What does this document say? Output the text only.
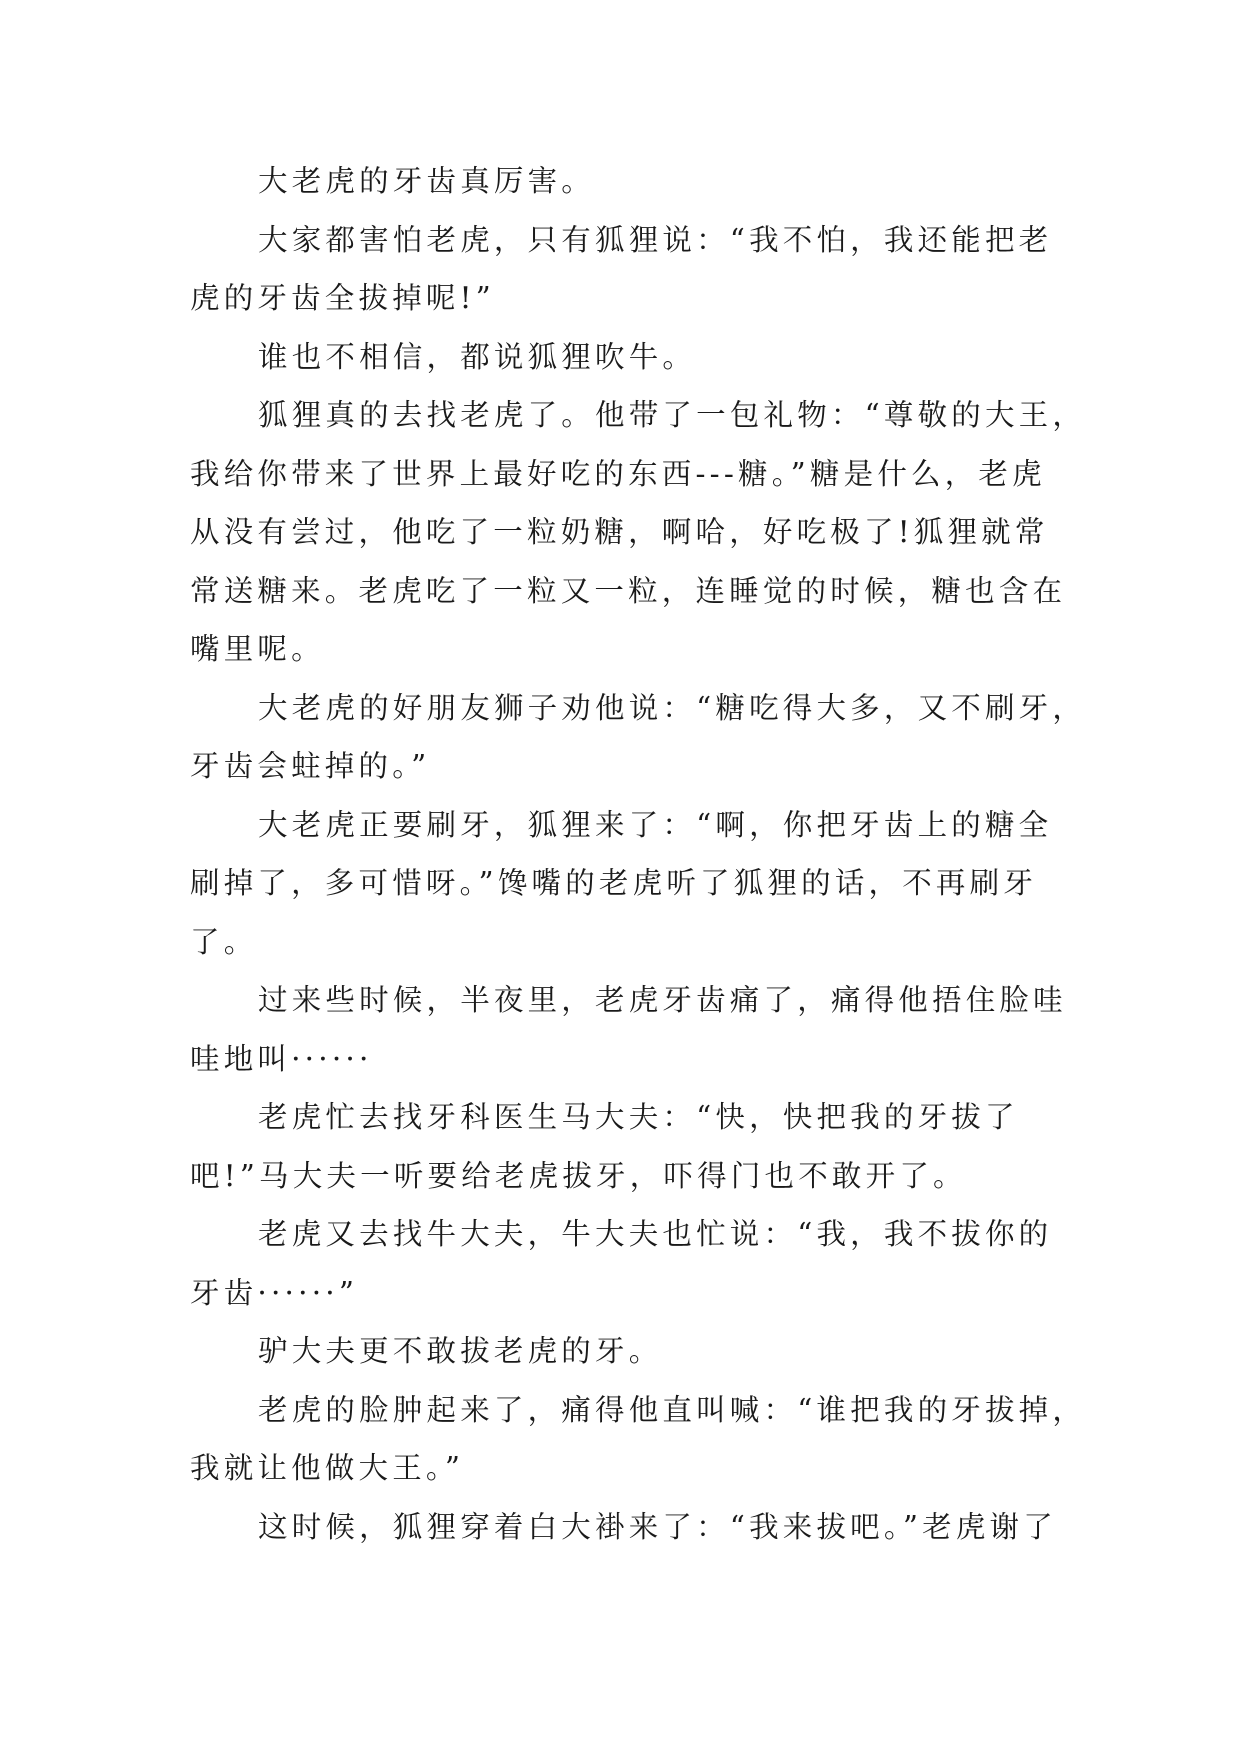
大老虎的牙齿真厉害。
大家都害怕老虎，只有狐狸说：“我不怕，我还能把老
虎的牙齿全拔掉呢!”
谁也不相信，都说狐狸吹牛。
狐狸真的去找老虎了。他带了一包礼物：“尊敬的大王，
我给你带来了世界上最好吃的东西---糖。”糖是什么，老虎
从没有尝过，他吃了一粒奶糖，啊哈，好吃极了!狐狸就常
常送糖来。老虎吃了一粒又一粒，连睡觉的时候，糖也含在
嘴里呢。
大老虎的好朋友狮子劝他说：“糖吃得大多，又不刷牙，
牙齿会蛀掉的。”
大老虎正要刷牙，狐狸来了：“啊，你把牙齿上的糖全
刷掉了，多可惜呀。”馋嘴的老虎听了狐狸的话，不再刷牙
了。
过来些时候，半夜里，老虎牙齿痛了，痛得他捂住脸哇
哇地叫······
老虎忙去找牙科医生马大夫：“快，快把我的牙拔了
吧!”马大夫一听要给老虎拔牙，吓得门也不敢开了。
老虎又去找牛大夫，牛大夫也忙说：“我，我不拔你的
牙齿······”
驴大夫更不敢拔老虎的牙。
老虎的脸肿起来了，痛得他直叫喊：“谁把我的牙拔掉，
我就让他做大王。”
这时候，狐狸穿着白大褂来了：“我来拔吧。”老虎谢了
